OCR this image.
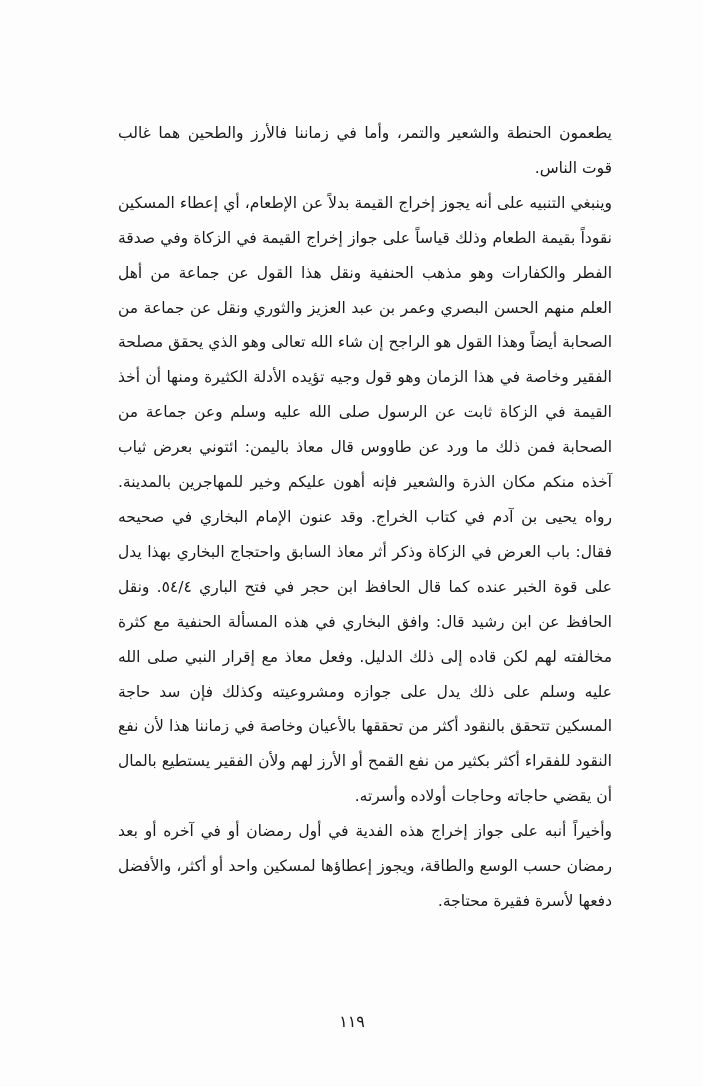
يطعمون الحنطة والشعير والتمر، وأما في زماننا فالأرز والطحين هما غالب قوت الناس.

وينبغي التنبيه على أنه يجوز إخراج القيمة بدلاً عن الإطعام، أي إعطاء المسكين نقوداً بقيمة الطعام وذلك قياساً على جواز إخراج القيمة في الزكاة وفي صدقة الفطر والكفارات وهو مذهب الحنفية ونقل هذا القول عن جماعة من أهل العلم منهم الحسن البصري وعمر بن عبد العزيز والثوري ونقل عن جماعة من الصحابة أيضاً وهذا القول هو الراجح إن شاء الله تعالى وهو الذي يحقق مصلحة الفقير وخاصة في هذا الزمان وهو قول وجيه تؤيده الأدلة الكثيرة ومنها أن أخذ القيمة في الزكاة ثابت عن الرسول صلى الله عليه وسلم وعن جماعة من الصحابة فمن ذلك ما ورد عن طاووس قال معاذ باليمن: ائتوني بعرض ثياب آخذه منكم مكان الذرة والشعير فإنه أهون عليكم وخير للمهاجرين بالمدينة. رواه يحيى بن آدم في كتاب الخراج. وقد عنون الإمام البخاري في صحيحه فقال: باب العرض في الزكاة وذكر أثر معاذ السابق واحتجاج البخاري بهذا يدل على قوة الخبر عنده كما قال الحافظ ابن حجر في فتح الباري ٥٤/٤. ونقل الحافظ عن ابن رشيد قال: وافق البخاري في هذه المسألة الحنفية مع كثرة مخالفته لهم لكن قاده إلى ذلك الدليل. وفعل معاذ مع إقرار النبي صلى الله عليه وسلم على ذلك يدل على جوازه ومشروعيته وكذلك فإن سد حاجة المسكين تتحقق بالنقود أكثر من تحققها بالأعيان وخاصة في زماننا هذا لأن نفع النقود للفقراء أكثر بكثير من نفع القمح أو الأرز لهم ولأن الفقير يستطيع بالمال أن يقضي حاجاته وحاجات أولاده وأسرته.

وأخيراً أنبه على جواز إخراج هذه الفدية في أول رمضان أو في آخره أو بعد رمضان حسب الوسع والطاقة، ويجوز إعطاؤها لمسكين واحد أو أكثر، والأفضل دفعها لأسرة فقيرة محتاجة.

١١٩
